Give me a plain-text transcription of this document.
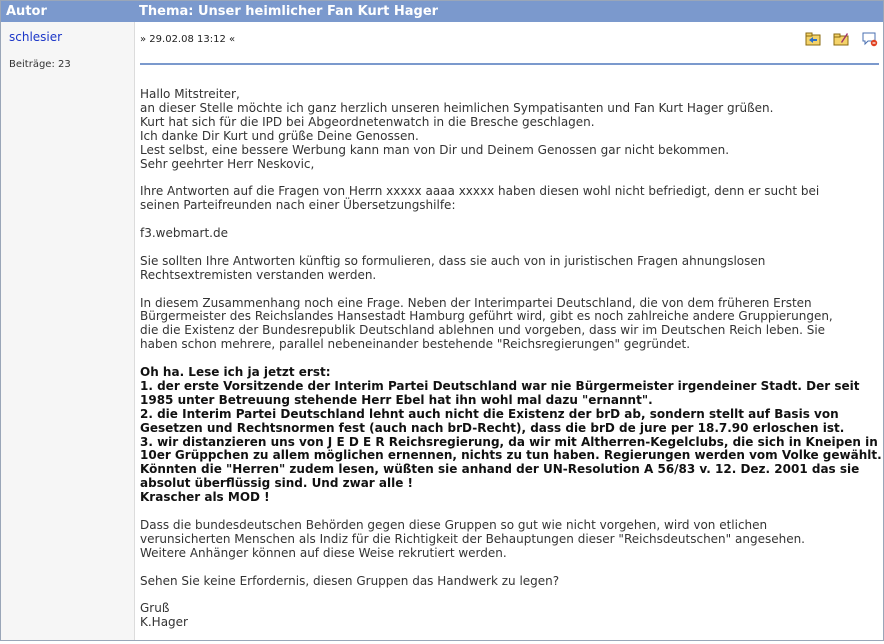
Autor	Thema: Unser heimlicher Fan Kurt Hager
schlesier
Beiträge: 23
» 29.02.08 13:12 «

Hallo Mitstreiter,
an dieser Stelle möchte ich ganz herzlich unseren heimlichen Sympatisanten und Fan Kurt Hager grüßen.
Kurt hat sich für die IPD bei Abgeordnetenwatch in die Bresche geschlagen.
Ich danke Dir Kurt und grüße Deine Genossen.
Lest selbst, eine bessere Werbung kann man von Dir und Deinem Genossen gar nicht bekommen.
Sehr geehrter Herr Neskovic,

Ihre Antworten auf die Fragen von Herrn xxxxx aaaa xxxxx haben diesen wohl nicht befriedigt, denn er sucht bei
seinen Parteifreunden nach einer Übersetzungshilfe:

f3.webmart.de

Sie sollten Ihre Antworten künftig so formulieren, dass sie auch von in juristischen Fragen ahnungslosen
Rechtsextremisten verstanden werden.

In diesem Zusammenhang noch eine Frage. Neben der Interimpartei Deutschland, die von dem früheren Ersten
Bürgermeister des Reichslandes Hansestadt Hamburg geführt wird, gibt es noch zahlreiche andere Gruppierungen,
die die Existenz der Bundesrepublik Deutschland ablehnen und vorgeben, dass wir im Deutschen Reich leben. Sie
haben schon mehrere, parallel nebeneinander bestehende "Reichsregierungen" gegründet.

Oh ha. Lese ich ja jetzt erst:
1. der erste Vorsitzende der Interim Partei Deutschland war nie Bürgermeister irgendeiner Stadt. Der seit
1985 unter Betreuung stehende Herr Ebel hat ihn wohl mal dazu "ernannt".
2. die Interim Partei Deutschland lehnt auch nicht die Existenz der brD ab, sondern stellt auf Basis von
Gesetzen und Rechtsnormen fest (auch nach brD-Recht), dass die brD de jure per 18.7.90 erloschen ist.
3. wir distanzieren uns von J E D E R Reichsregierung, da wir mit Altherren-Kegelclubs, die sich in Kneipen in
10er Grüppchen zu allem möglichen ernennen, nichts zu tun haben. Regierungen werden vom Volke gewählt.
Könnten die "Herren" zudem lesen, wüßten sie anhand der UN-Resolution A 56/83 v. 12. Dez. 2001 das sie
absolut überflüssig sind. Und zwar alle !
Krascher als MOD !

Dass die bundesdeutschen Behörden gegen diese Gruppen so gut wie nicht vorgehen, wird von etlichen
verunsicherten Menschen als Indiz für die Richtigkeit der Behauptungen dieser "Reichsdeutschen" angesehen.
Weitere Anhänger können auf diese Weise rekrutiert werden.

Sehen Sie keine Erfordernis, diesen Gruppen das Handwerk zu legen?

Gruß
K.Hager
